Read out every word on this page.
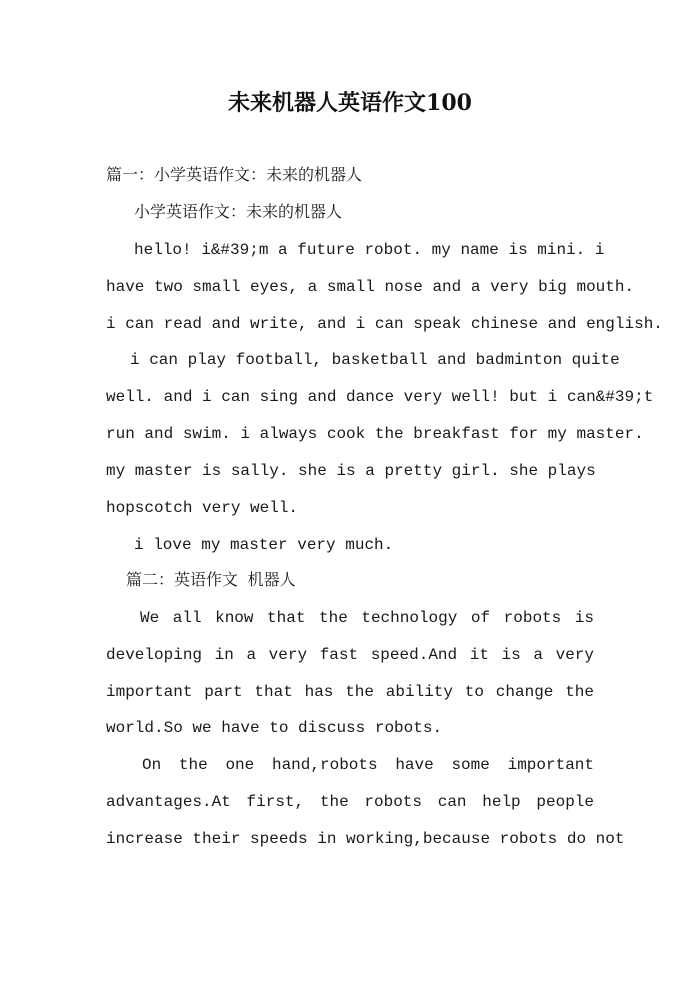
未来机器人英语作文100
篇一：小学英语作文：未来的机器人
小学英语作文：未来的机器人
hello! i&#39;m a future robot. my name is mini. i
have two small eyes, a small nose and a very big mouth.
i can read and write, and i can speak chinese and english.
i can play football, basketball and badminton quite
well. and i can sing and dance very well! but i can&#39;t
run and swim. i always cook the breakfast for my master.
my master is sally. she is a pretty girl. she plays
hopscotch very well.
i love my master very much.
篇二：英语作文 机器人
We all know that the technology of robots is
developing in a very fast speed.And it is a very
important part that has the ability to change the
world.So we have to discuss robots.
On the one hand,robots have some important
advantages.At first, the robots can help people
increase their speeds in working,because robots do not
